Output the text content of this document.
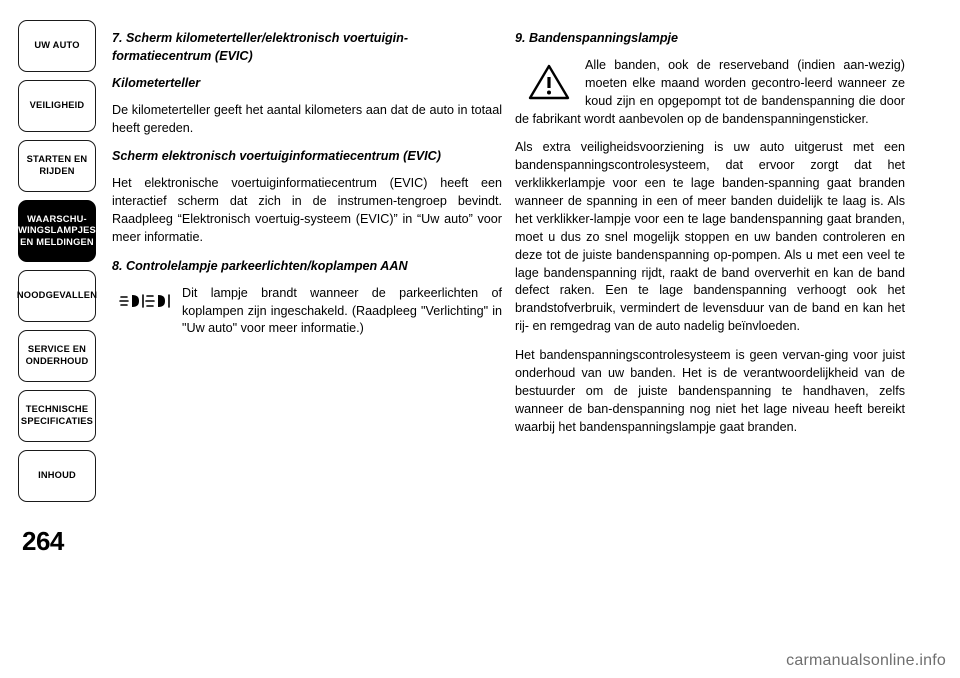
UW AUTO
VEILIGHEID
STARTEN EN RIJDEN
WAARSCHU-WINGSLAMPJES EN MELDINGEN
NOODGEVALLEN
SERVICE EN ONDERHOUD
TECHNISCHE SPECIFICATIES
INHOUD
264

7. Scherm kilometerteller/elektronisch voertuigin-formatiecentrum (EVIC)

Kilometerteller

De kilometerteller geeft het aantal kilometers aan dat de auto in totaal heeft gereden.

Scherm elektronisch voertuiginformatiecentrum (EVIC)

Het elektronische voertuiginformatiecentrum (EVIC) heeft een interactief scherm dat zich in de instrumen-tengroep bevindt. Raadpleeg “Elektronisch voertuig-systeem (EVIC)” in “Uw auto” voor meer informatie.

8. Controlelampje parkeerlichten/koplampen AAN

Dit lampje brandt wanneer de parkeerlichten of koplampen zijn ingeschakeld. (Raadpleeg "Verlichting" in "Uw auto" voor meer informatie.)

9. Bandenspanningslampje

Alle banden, ook de reserveband (indien aan-wezig) moeten elke maand worden gecontro-leerd wanneer ze koud zijn en opgepompt tot de bandenspanning die door de fabrikant wordt aanbevolen op de bandenspanningensticker.

Als extra veiligheidsvoorziening is uw auto uitgerust met een bandenspanningscontrolesysteem, dat ervoor zorgt dat het verklikkerlampje voor een te lage banden-spanning gaat branden wanneer de spanning in een of meer banden duidelijk te laag is. Als het verklikker-lampje voor een te lage bandenspanning gaat branden, moet u dus zo snel mogelijk stoppen en uw banden controleren en deze tot de juiste bandenspanning op-pompen. Als u met een veel te lage bandenspanning rijdt, raakt de band oververhit en kan de band defect raken. Een te lage bandenspanning verhoogt ook het brandstofverbruik, vermindert de levensduur van de band en kan het rij- en remgedrag van de auto nadelig beïnvloeden.

Het bandenspanningscontrolesysteem is geen vervan-ging voor juist onderhoud van uw banden. Het is de verantwoordelijkheid van de bestuurder om de juiste bandenspanning te handhaven, zelfs wanneer de ban-denspanning nog niet het lage niveau heeft bereikt waarbij het bandenspanningslampje gaat branden.

carmanualsonline.info
